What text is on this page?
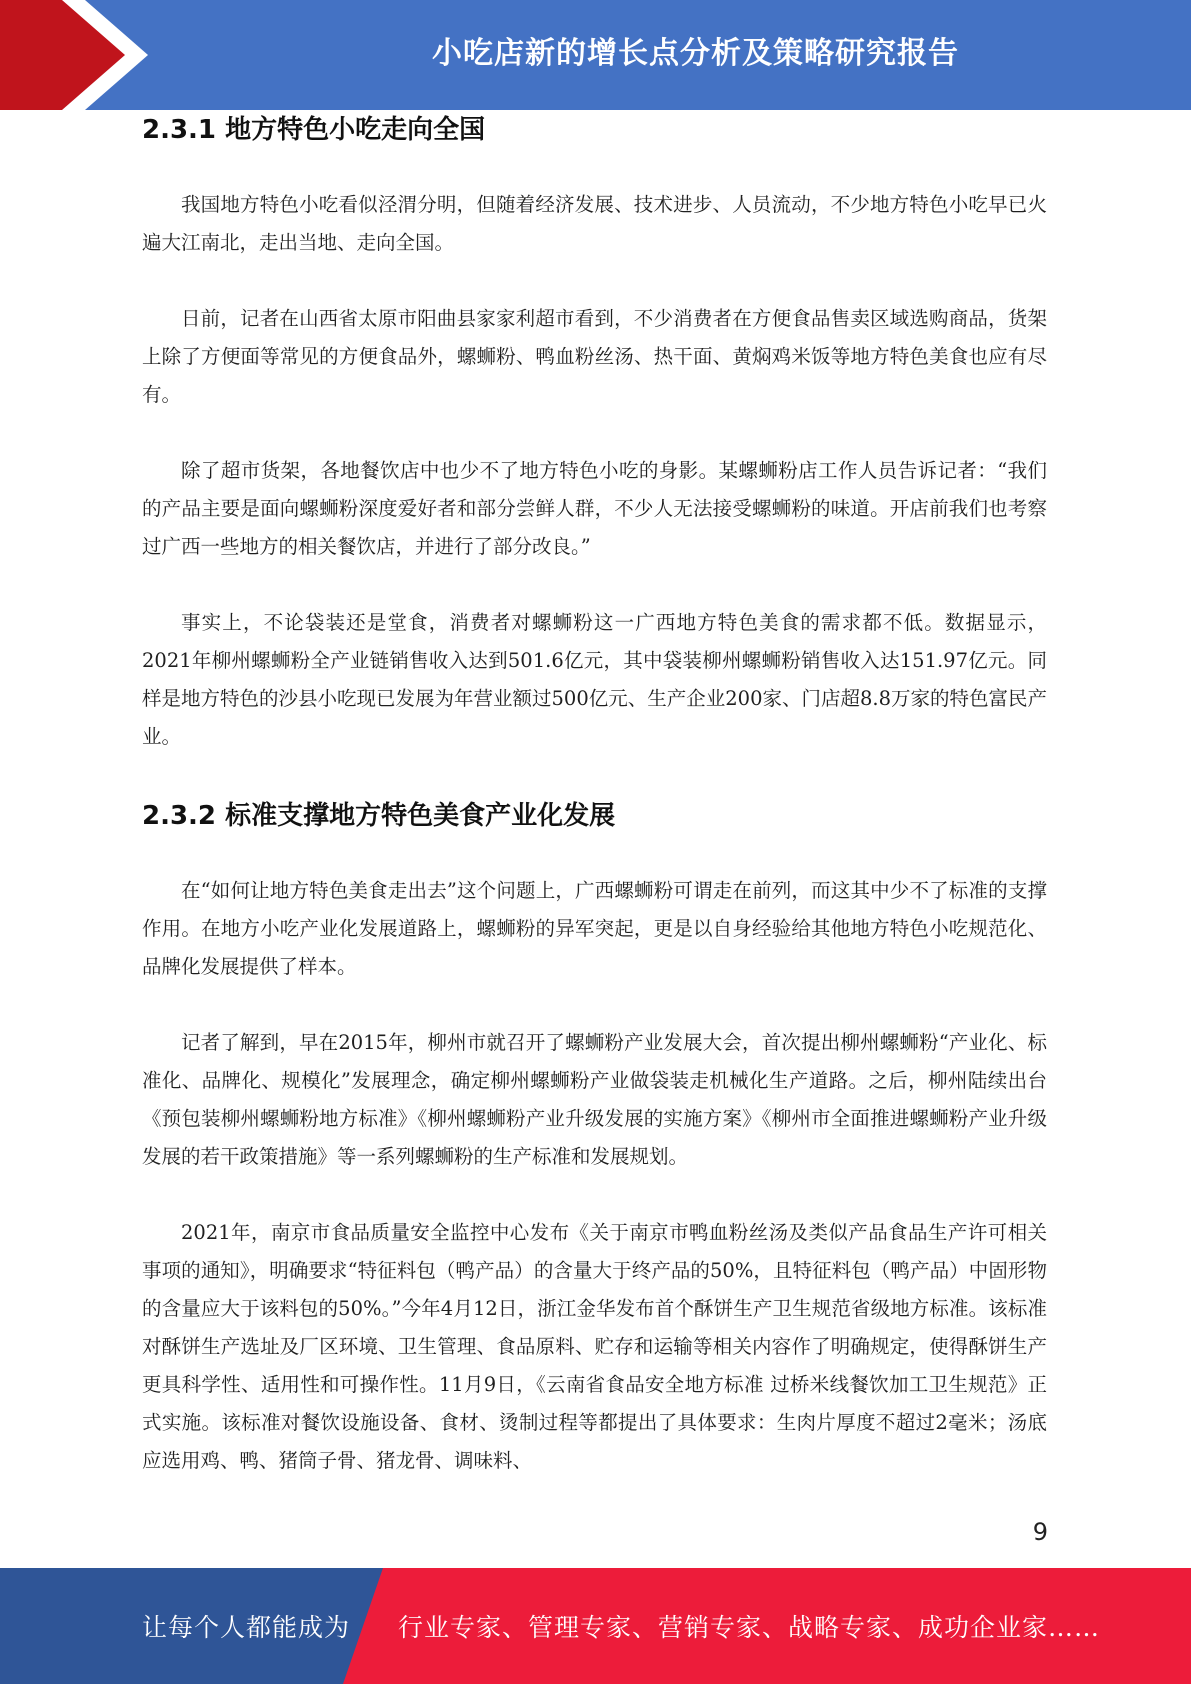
小吃店新的增长点分析及策略研究报告
2.3.1 地方特色小吃走向全国

我国地方特色小吃看似泾渭分明，但随着经济发展、技术进步、人员流动，不少地方特色小吃早已火遍大江南北，走出当地、走向全国。

日前，记者在山西省太原市阳曲县家家利超市看到，不少消费者在方便食品售卖区域选购商品，货架上除了方便面等常见的方便食品外，螺蛳粉、鸭血粉丝汤、热干面、黄焖鸡米饭等地方特色美食也应有尽有。

除了超市货架，各地餐饮店中也少不了地方特色小吃的身影。某螺蛳粉店工作人员告诉记者：“我们的产品主要是面向螺蛳粉深度爱好者和部分尝鲜人群，不少人无法接受螺蛳粉的味道。开店前我们也考察过广西一些地方的相关餐饮店，并进行了部分改良。”

事实上，不论袋装还是堂食，消费者对螺蛳粉这一广西地方特色美食的需求都不低。数据显示，2021年柳州螺蛳粉全产业链销售收入达到501.6亿元，其中袋装柳州螺蛳粉销售收入达151.97亿元。同样是地方特色的沙县小吃现已发展为年营业额过500亿元、生产企业200家、门店超8.8万家的特色富民产业。

2.3.2 标准支撑地方特色美食产业化发展

在“如何让地方特色美食走出去”这个问题上，广西螺蛳粉可谓走在前列，而这其中少不了标准的支撑作用。在地方小吃产业化发展道路上，螺蛳粉的异军突起，更是以自身经验给其他地方特色小吃规范化、品牌化发展提供了样本。

记者了解到，早在2015年，柳州市就召开了螺蛳粉产业发展大会，首次提出柳州螺蛳粉“产业化、标准化、品牌化、规模化”发展理念，确定柳州螺蛳粉产业做袋装走机械化生产道路。之后，柳州陆续出台《预包装柳州螺蛳粉地方标准》《柳州螺蛳粉产业升级发展的实施方案》《柳州市全面推进螺蛳粉产业升级发展的若干政策措施》等一系列螺蛳粉的生产标准和发展规划。

2021年，南京市食品质量安全监控中心发布《关于南京市鸭血粉丝汤及类似产品食品生产许可相关事项的通知》，明确要求“特征料包（鸭产品）的含量大于终产品的50%，且特征料包（鸭产品）中固形物的含量应大于该料包的50%。”今年4月12日，浙江金华发布首个酥饼生产卫生规范省级地方标准。该标准对酥饼生产选址及厂区环境、卫生管理、食品原料、贮存和运输等相关内容作了明确规定，使得酥饼生产更具科学性、适用性和可操作性。11月9日，《云南省食品安全地方标准 过桥米线餐饮加工卫生规范》正式实施。该标准对餐饮设施设备、食材、烫制过程等都提出了具体要求：生肉片厚度不超过2毫米；汤底应选用鸡、鸭、猪筒子骨、猪龙骨、调味料、

9
让每个人都能成为 行业专家、管理专家、营销专家、战略专家、成功企业家……
